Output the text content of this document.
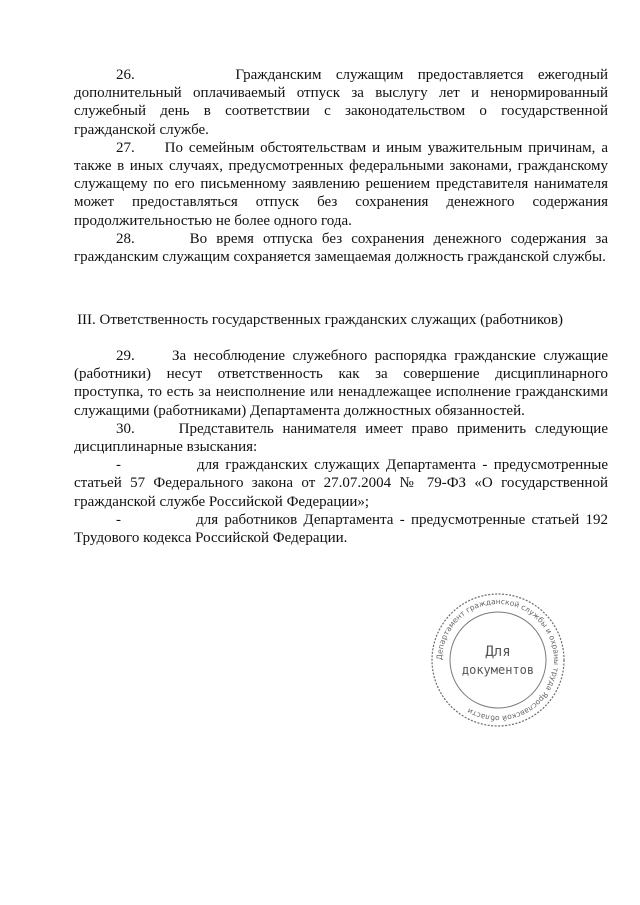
26.       Гражданским служащим предоставляется ежегодный дополнительный оплачиваемый отпуск за выслугу лет и ненормированный служебный день в соответствии с законодательством о государственной гражданской службе.

27.     По семейным обстоятельствам и иным уважительным причинам, а также в иных случаях, предусмотренных федеральными законами, гражданскому служащему по его письменному заявлению решением представителя нанимателя может предоставляться отпуск без сохранения денежного содержания продолжительностью не более одного года.

28.      Во время отпуска без сохранения денежного содержания за гражданским служащим сохраняется замещаемая должность гражданской службы.

III. Ответственность государственных гражданских служащих (работников)

29.     За несоблюдение служебного распорядка гражданские служащие (работники) несут ответственность как за совершение дисциплинарного проступка, то есть за неисполнение или ненадлежащее исполнение гражданскими служащими (работниками) Департамента должностных обязанностей.

30.     Представитель нанимателя имеет право применить следующие дисциплинарные взыскания:

-            для гражданских служащих Департамента - предусмотренные статьей 57 Федерального закона от 27.07.2004 № 79-ФЗ «О государственной гражданской службе Российской Федерации»;

-            для работников Департамента - предусмотренные статьей 192 Трудового кодекса Российской Федерации.

Департамент гражданской службы и охраны труда Ярославской области
Для
документов
